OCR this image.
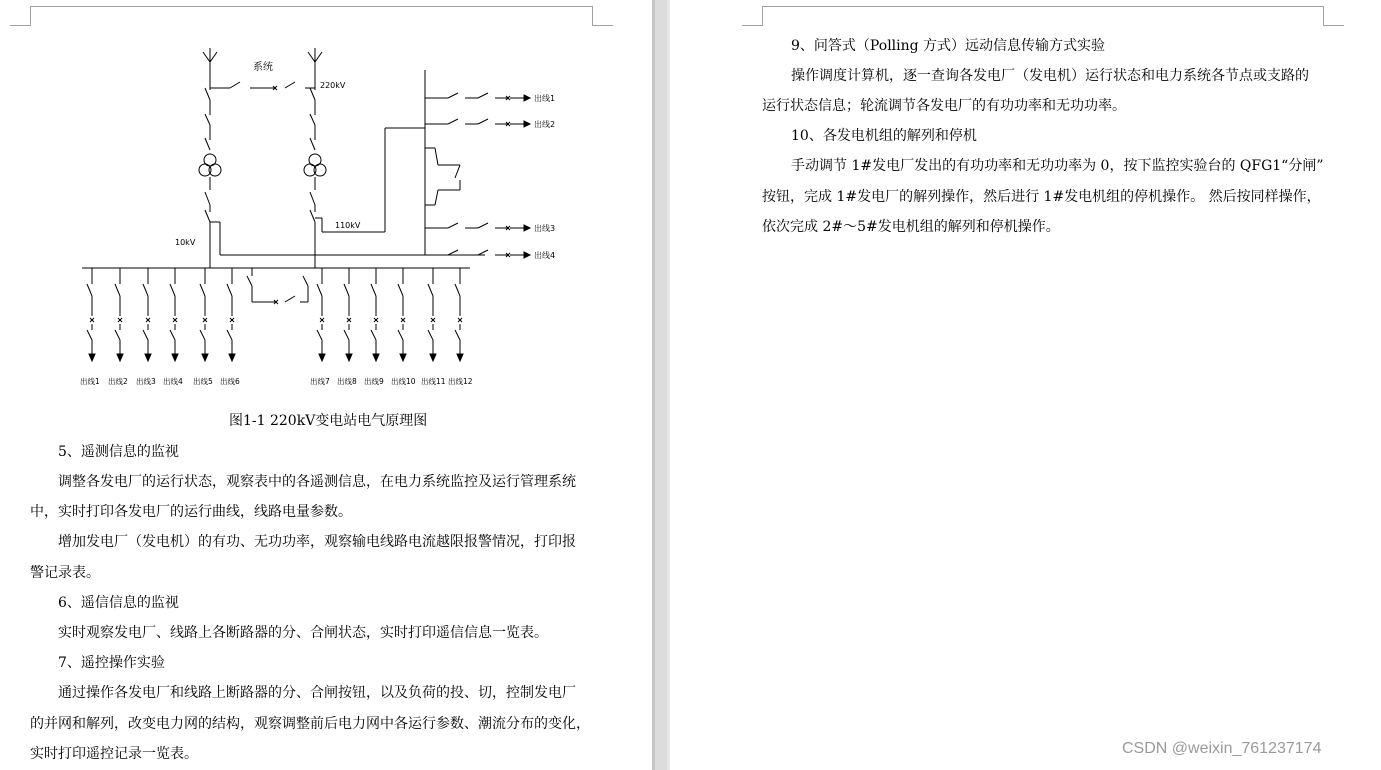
系统
220kV
110kV
10kV
出线1
出线2
出线3
出线4
出线1 出线2 出线3 出线4 出线5 出线6	出线7 出线8 出线9 出线10 出线11 出线12
图1-1 220kV变电站电气原理图
5、遥测信息的监视
调整各发电厂的运行状态，观察表中的各遥测信息，在电力系统监控及运行管理系统
中，实时打印各发电厂的运行曲线，线路电量参数。
增加发电厂（发电机）的有功、无功功率，观察输电线路电流越限报警情况，打印报
警记录表。
6、遥信信息的监视
实时观察发电厂、线路上各断路器的分、合闸状态，实时打印遥信信息一览表。
7、遥控操作实验
通过操作各发电厂和线路上断路器的分、合闸按钮，以及负荷的投、切，控制发电厂
的并网和解列，改变电力网的结构，观察调整前后电力网中各运行参数、潮流分布的变化，
实时打印遥控记录一览表。
9、问答式（Polling 方式）远动信息传输方式实验
操作调度计算机，逐一查询各发电厂（发电机）运行状态和电力系统各节点或支路的
运行状态信息；轮流调节各发电厂的有功功率和无功功率。
10、各发电机组的解列和停机
手动调节 1#发电厂发出的有功功率和无功功率为 0，按下监控实验台的 QFG1“分闸”
按钮，完成 1#发电厂的解列操作，然后进行 1#发电机组的停机操作。 然后按同样操作，
依次完成 2#～5#发电机组的解列和停机操作。
CSDN @weixin_761237174
